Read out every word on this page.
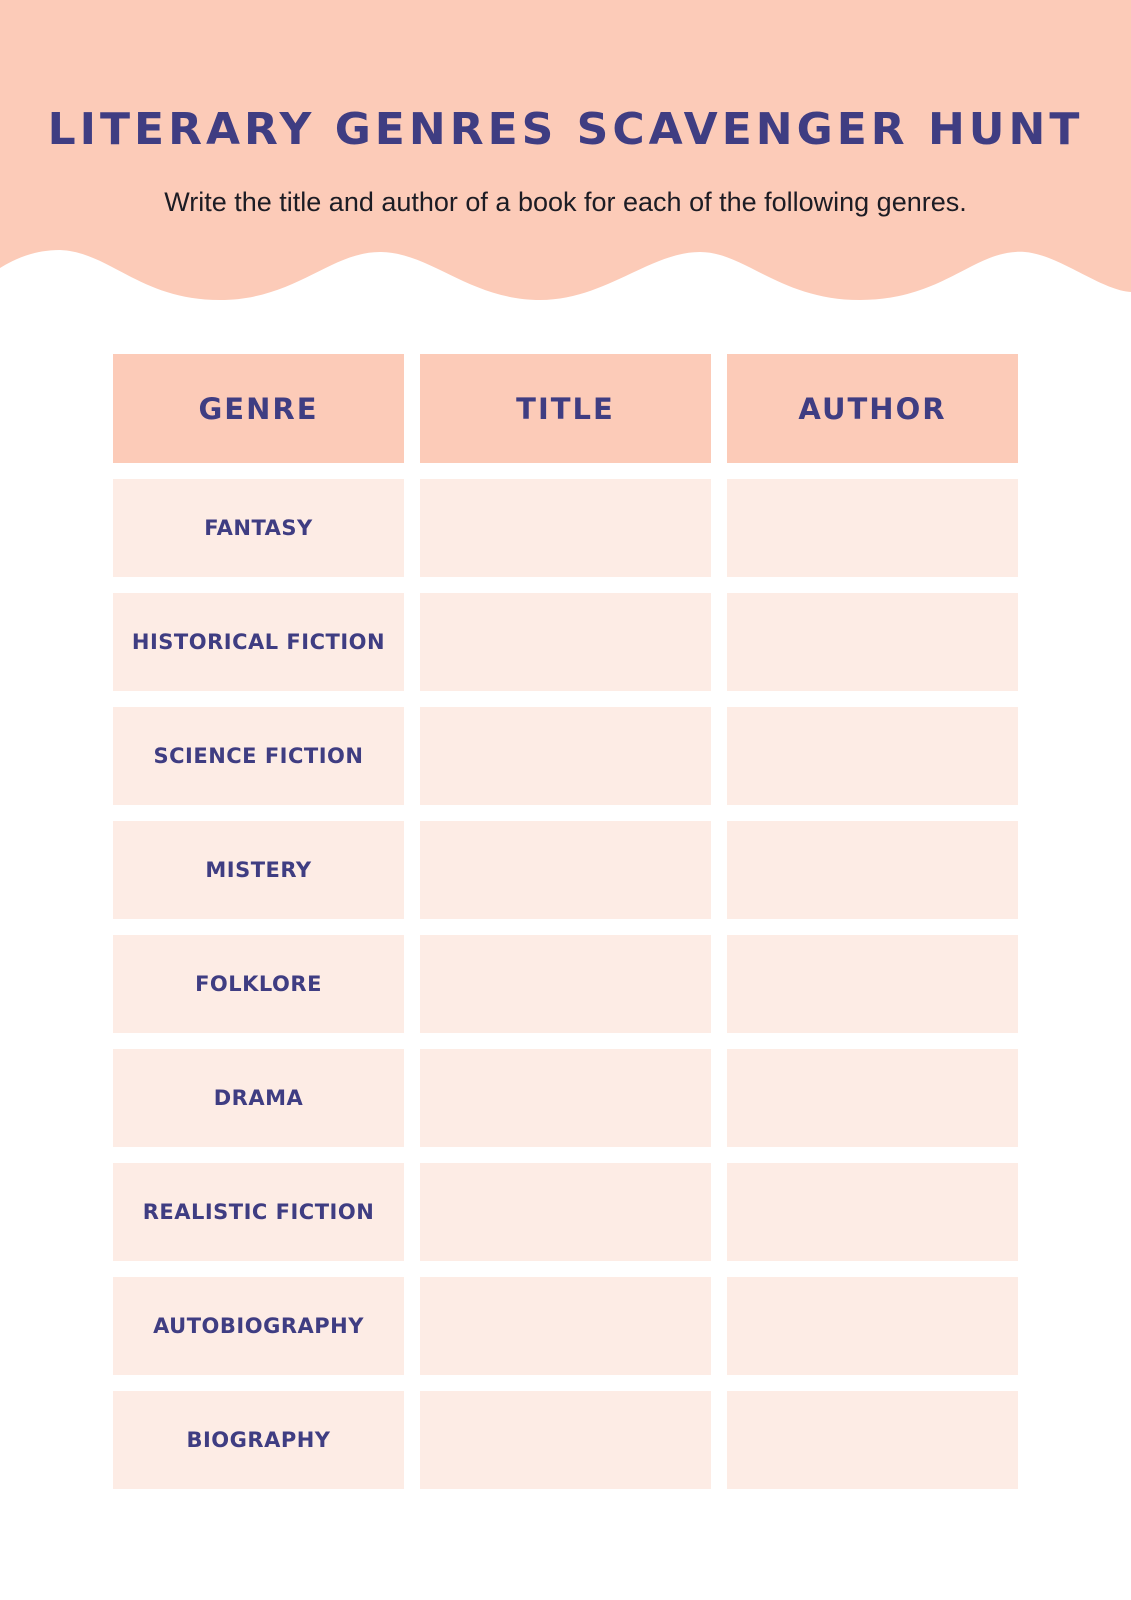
LITERARY GENRES SCAVENGER HUNT

Write the title and author of a book for each of the following genres.

GENRE	TITLE	AUTHOR
FANTASY
HISTORICAL FICTION
SCIENCE FICTION
MISTERY
FOLKLORE
DRAMA
REALISTIC FICTION
AUTOBIOGRAPHY
BIOGRAPHY
